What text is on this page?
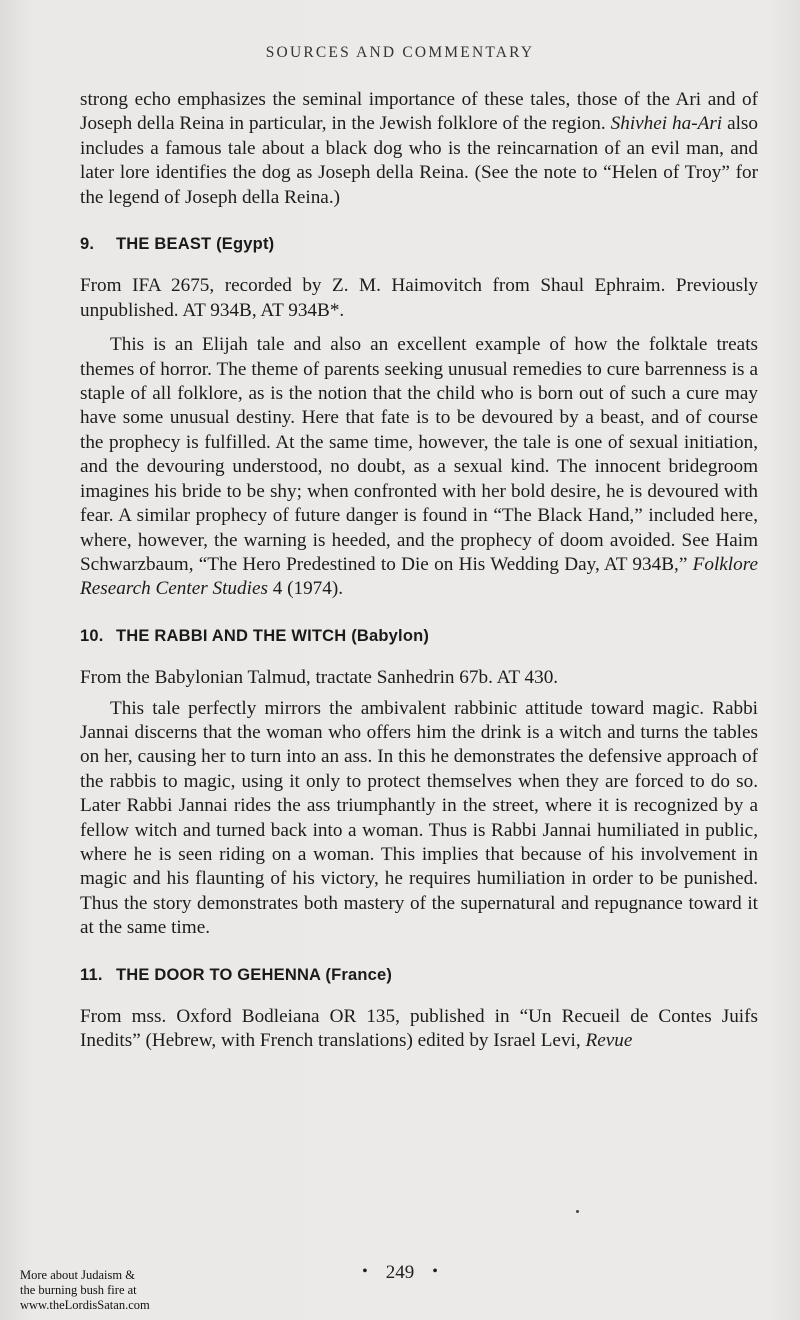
SOURCES AND COMMENTARY

strong echo emphasizes the seminal importance of these tales, those of the Ari and of Joseph della Reina in particular, in the Jewish folklore of the region. Shivhei ha-Ari also includes a famous tale about a black dog who is the reincarnation of an evil man, and later lore identifies the dog as Joseph della Reina. (See the note to “Helen of Troy” for the legend of Joseph della Reina.)

9. THE BEAST (Egypt)

From IFA 2675, recorded by Z. M. Haimovitch from Shaul Ephraim. Previously unpublished. AT 934B, AT 934B*.

This is an Elijah tale and also an excellent example of how the folktale treats themes of horror. The theme of parents seeking unusual remedies to cure barrenness is a staple of all folklore, as is the notion that the child who is born out of such a cure may have some unusual destiny. Here that fate is to be devoured by a beast, and of course the prophecy is fulfilled. At the same time, however, the tale is one of sexual initiation, and the devouring understood, no doubt, as a sexual kind. The innocent bridegroom imagines his bride to be shy; when confronted with her bold desire, he is devoured with fear. A similar prophecy of future danger is found in “The Black Hand,” included here, where, however, the warning is heeded, and the prophecy of doom avoided. See Haim Schwarzbaum, “The Hero Predestined to Die on His Wedding Day, AT 934B,” Folklore Research Center Studies 4 (1974).

10. THE RABBI AND THE WITCH (Babylon)

From the Babylonian Talmud, tractate Sanhedrin 67b. AT 430.

This tale perfectly mirrors the ambivalent rabbinic attitude toward magic. Rabbi Jannai discerns that the woman who offers him the drink is a witch and turns the tables on her, causing her to turn into an ass. In this he demonstrates the defensive approach of the rabbis to magic, using it only to protect themselves when they are forced to do so. Later Rabbi Jannai rides the ass triumphantly in the street, where it is recognized by a fellow witch and turned back into a woman. Thus is Rabbi Jannai humiliated in public, where he is seen riding on a woman. This implies that because of his involvement in magic and his flaunting of his victory, he requires humiliation in order to be punished. Thus the story demonstrates both mastery of the supernatural and repugnance toward it at the same time.

11. THE DOOR TO GEHENNA (France)

From mss. Oxford Bodleiana OR 135, published in “Un Recueil de Contes Juifs Inedits” (Hebrew, with French translations) edited by Israel Levi, Revue

• 249 •
More about Judaism &
the burning bush fire at
www.theLordisSatan.com
